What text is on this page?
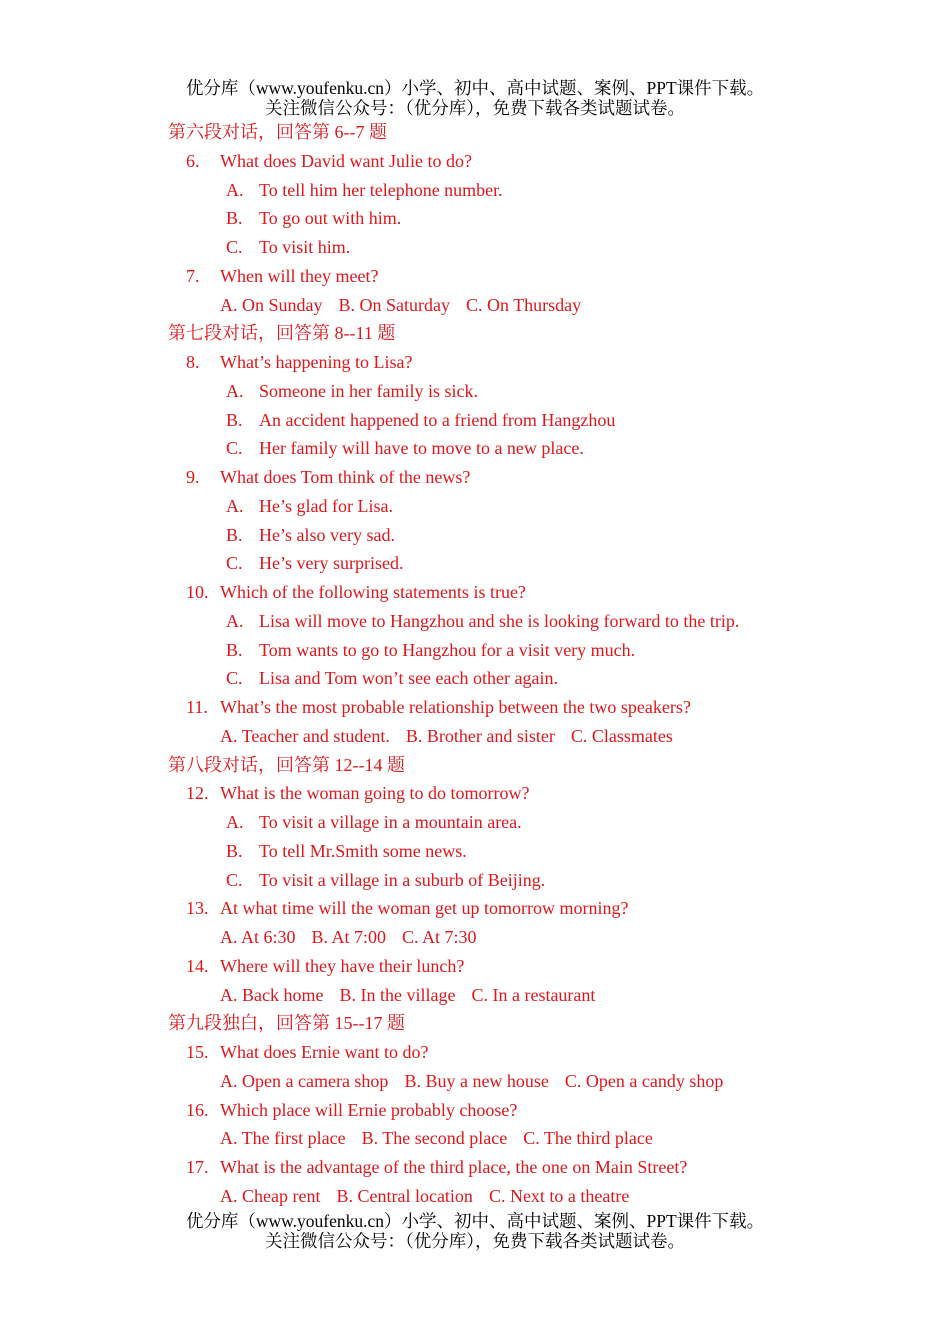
优分库（www.youfenku.cn）小学、初中、高中试题、案例、PPT课件下载。
关注微信公众号：（优分库），免费下载各类试题试卷。
第六段对话，回答第 6--7 题
6. What does David want Julie to do?
A. To tell him her telephone number.
B. To go out with him.
C. To visit him.
7. When will they meet?
A. On Sunday B. On Saturday C. On Thursday
第七段对话，回答第 8--11 题
8. What’s happening to Lisa?
A. Someone in her family is sick.
B. An accident happened to a friend from Hangzhou
C. Her family will have to move to a new place.
9. What does Tom think of the news?
A. He’s glad for Lisa.
B. He’s also very sad.
C. He’s very surprised.
10. Which of the following statements is true?
A. Lisa will move to Hangzhou and she is looking forward to the trip.
B. Tom wants to go to Hangzhou for a visit very much.
C. Lisa and Tom won’t see each other again.
11. What’s the most probable relationship between the two speakers?
A. Teacher and student. B. Brother and sister C. Classmates
第八段对话，回答第 12--14 题
12. What is the woman going to do tomorrow?
A. To visit a village in a mountain area.
B. To tell Mr.Smith some news.
C. To visit a village in a suburb of Beijing.
13. At what time will the woman get up tomorrow morning?
A. At 6:30 B. At 7:00 C. At 7:30
14. Where will they have their lunch?
A. Back home B. In the village C. In a restaurant
第九段独白，回答第 15--17 题
15. What does Ernie want to do?
A. Open a camera shop B. Buy a new house C. Open a candy shop
16. Which place will Ernie probably choose?
A. The first place B. The second place C. The third place
17. What is the advantage of the third place, the one on Main Street?
A. Cheap rent B. Central location C. Next to a theatre
优分库（www.youfenku.cn）小学、初中、高中试题、案例、PPT课件下载。
关注微信公众号：（优分库），免费下载各类试题试卷。
